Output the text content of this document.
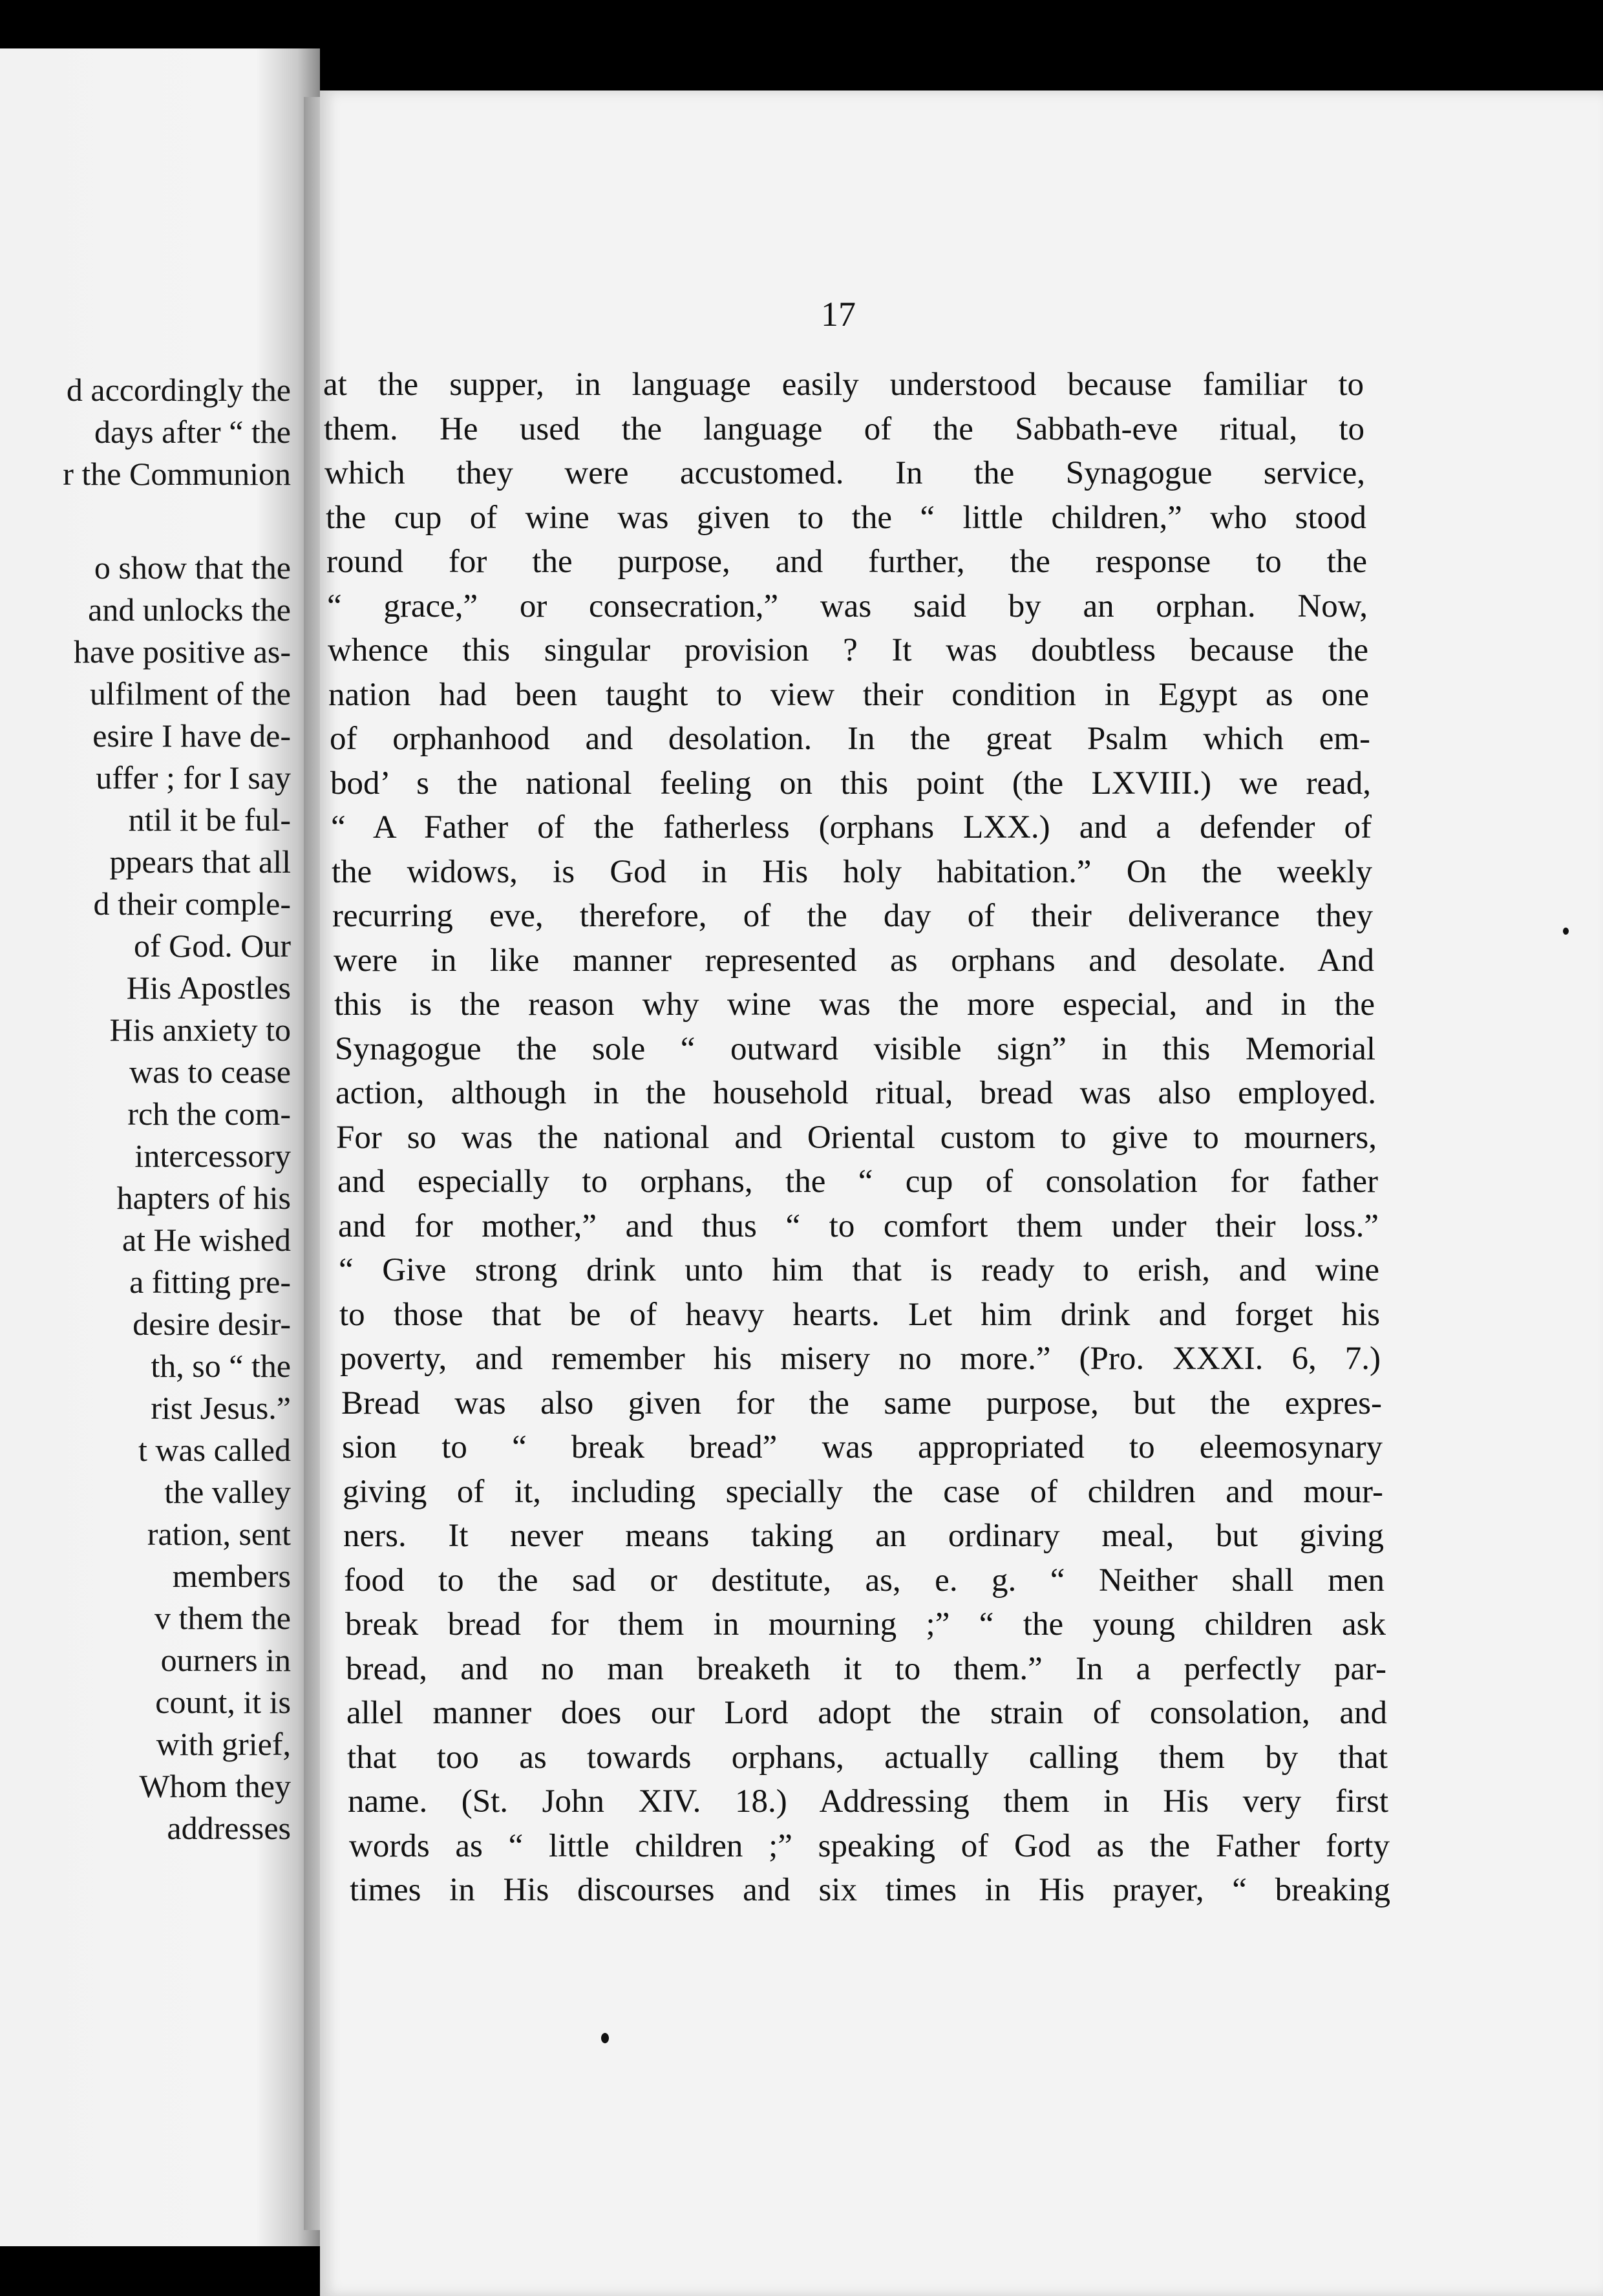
d accordingly the
days after “ the
r the Communion
o show that the
and unlocks the
have positive as-
ulfilment of the
esire I have de-
uffer ; for I say
ntil it be ful-
ppears that all
d their comple-
of God. Our
His Apostles
His anxiety to
was to cease
rch the com-
intercessory
hapters of his
at He wished
a fitting pre-
desire desir-
th, so “ the
rist Jesus.”
t was called
the valley
ration, sent
members
v them the
ourners in
count, it is
with grief,
Whom they
addresses
17
at the supper, in language easily understood because familiar to
them. He used the language of the Sabbath-eve ritual, to
which they were accustomed. In the Synagogue service,
the cup of wine was given to the “ little children,” who stood
round for the purpose, and further, the response to the
“ grace,” or consecration,” was said by an orphan. Now,
whence this singular provision ? It was doubtless because the
nation had been taught to view their condition in Egypt as one
of orphanhood and desolation. In the great Psalm which em-
bod’ s the national feeling on this point (the LXVIII.) we read,
“ A Father of the fatherless (orphans LXX.) and a defender of
the widows, is God in His holy habitation.” On the weekly
recurring eve, therefore, of the day of their deliverance they
were in like manner represented as orphans and desolate. And
this is the reason why wine was the more especial, and in the
Synagogue the sole “ outward visible sign” in this Memorial
action, although in the household ritual, bread was also employed.
For so was the national and Oriental custom to give to mourners,
and especially to orphans, the “ cup of consolation for father
and for mother,” and thus “ to comfort them under their loss.”
“ Give strong drink unto him that is ready to erish, and wine
to those that be of heavy hearts. Let him drink and forget his
poverty, and remember his misery no more.” (Pro. XXXI. 6, 7.)
Bread was also given for the same purpose, but the expres-
sion to “ break bread” was appropriated to eleemosynary
giving of it, including specially the case of children and mour-
ners. It never means taking an ordinary meal, but giving
food to the sad or destitute, as, e. g. “ Neither shall men
break bread for them in mourning ;” “ the young children ask
bread, and no man breaketh it to them.” In a perfectly par-
allel manner does our Lord adopt the strain of consolation, and
that too as towards orphans, actually calling them by that
name. (St. John XIV. 18.) Addressing them in His very first
words as “ little children ;” speaking of God as the Father forty
times in His discourses and six times in His prayer, “ breaking
